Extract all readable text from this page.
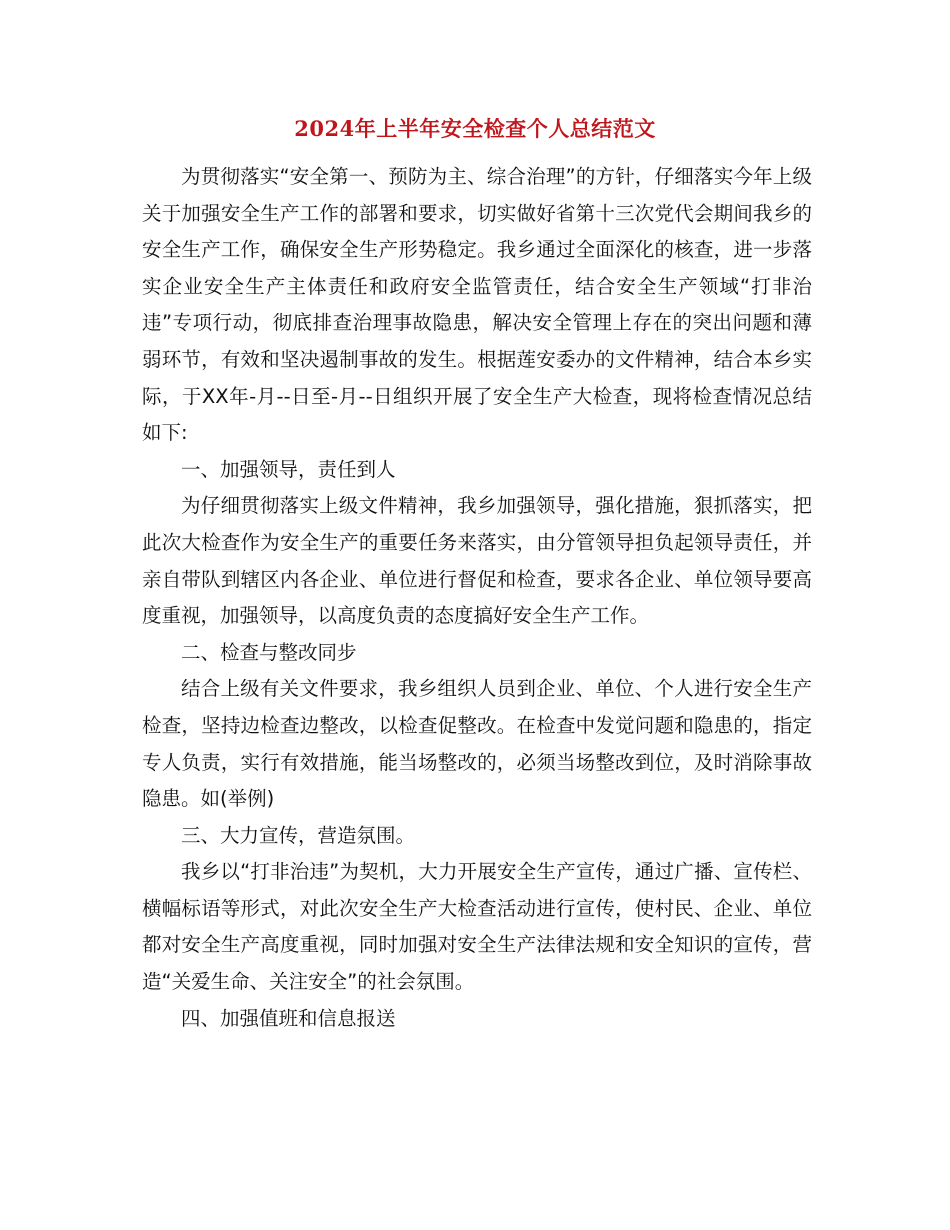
2024年上半年安全检查个人总结范文

为贯彻落实“安全第一、预防为主、综合治理”的方针，仔细落实今年上级关于加强安全生产工作的部署和要求，切实做好省第十三次党代会期间我乡的安全生产工作，确保安全生产形势稳定。我乡通过全面深化的核查，进一步落实企业安全生产主体责任和政府安全监管责任，结合安全生产领域“打非治违”专项行动，彻底排查治理事故隐患，解决安全管理上存在的突出问题和薄弱环节，有效和坚决遏制事故的发生。根据莲安委办的文件精神，结合本乡实际，于XX年-月--日至-月--日组织开展了安全生产大检查，现将检查情况总结如下:

一、加强领导，责任到人

为仔细贯彻落实上级文件精神，我乡加强领导，强化措施，狠抓落实，把此次大检查作为安全生产的重要任务来落实，由分管领导担负起领导责任，并亲自带队到辖区内各企业、单位进行督促和检查，要求各企业、单位领导要高度重视，加强领导，以高度负责的态度搞好安全生产工作。

二、检查与整改同步

结合上级有关文件要求，我乡组织人员到企业、单位、个人进行安全生产检查，坚持边检查边整改，以检查促整改。在检查中发觉问题和隐患的，指定专人负责，实行有效措施，能当场整改的，必须当场整改到位，及时消除事故隐患。如(举例)

三、大力宣传，营造氛围。

我乡以“打非治违”为契机，大力开展安全生产宣传，通过广播、宣传栏、横幅标语等形式，对此次安全生产大检查活动进行宣传，使村民、企业、单位都对安全生产高度重视，同时加强对安全生产法律法规和安全知识的宣传，营造“关爱生命、关注安全”的社会氛围。

四、加强值班和信息报送
